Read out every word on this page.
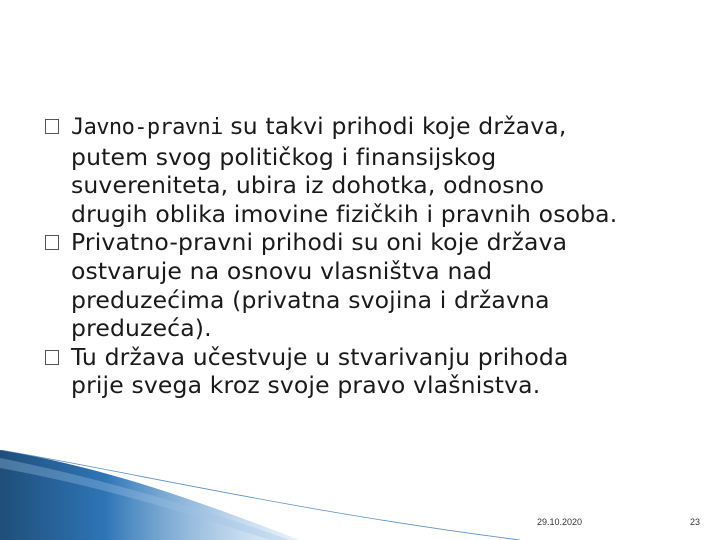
Javno-pravni su takvi prihodi koje država,
putem svog političkog i finansijskog
suvereniteta, ubira iz dohotka, odnosno
drugih oblika imovine fizičkih i pravnih osoba.
Privatno-pravni prihodi su oni koje država
ostvaruje na osnovu vlasništva nad
preduzećima (privatna svojina i državna
preduzeća).
Tu država učestvuje u stvarivanju prihoda
prije svega kroz svoje pravo vlašnistva.
29.10.2020	23
